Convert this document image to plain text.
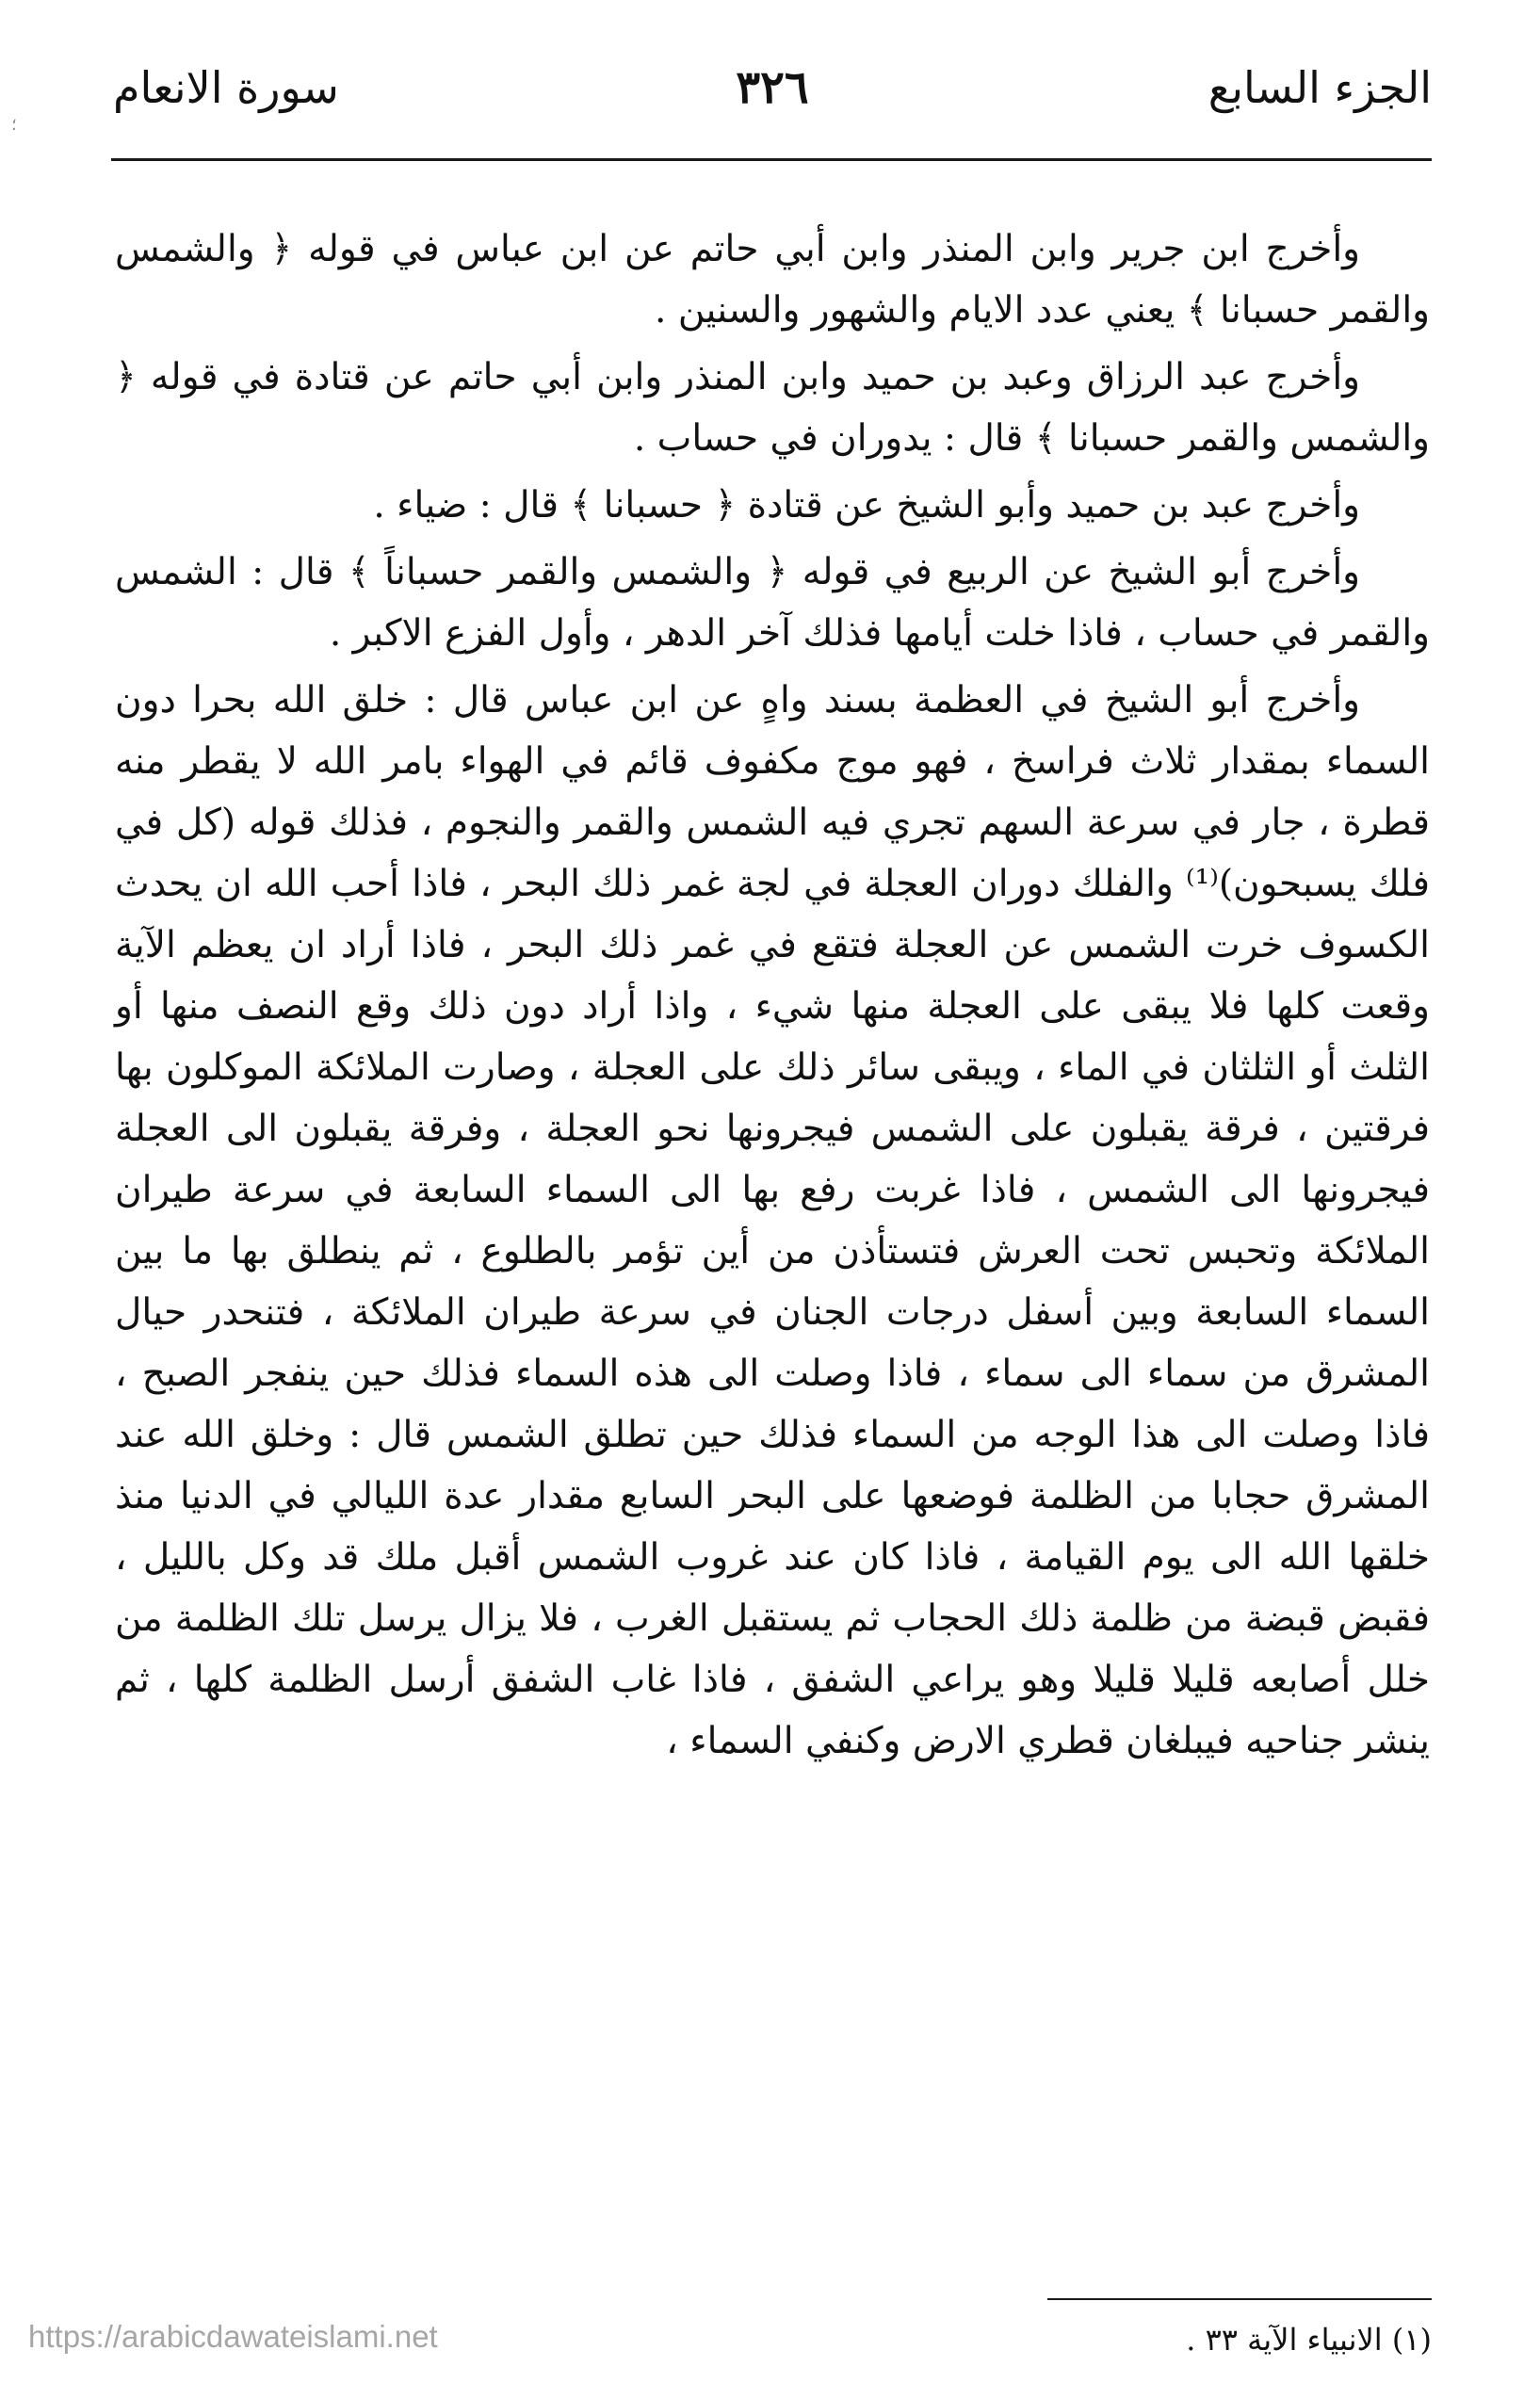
الجزء السابع
٣٢٦
سورة الانعام
؛

وأخرج ابن جرير وابن المنذر وابن أبي حاتم عن ابن عباس في قوله ﴿ والشمس والقمر حسبانا ﴾ يعني عدد الايام والشهور والسنين .

وأخرج عبد الرزاق وعبد بن حميد وابن المنذر وابن أبي حاتم عن قتادة في قوله ﴿ والشمس والقمر حسبانا ﴾ قال : يدوران في حساب .

وأخرج عبد بن حميد وأبو الشيخ عن قتادة ﴿ حسبانا ﴾ قال : ضياء .

وأخرج أبو الشيخ عن الربيع في قوله ﴿ والشمس والقمر حسباناً ﴾ قال : الشمس والقمر في حساب ، فاذا خلت أيامها فذلك آخر الدهر ، وأول الفزع الاكبر .

وأخرج أبو الشيخ في العظمة بسند واهٍ عن ابن عباس قال : خلق الله بحرا دون السماء بمقدار ثلاث فراسخ ، فهو موج مكفوف قائم في الهواء بامر الله لا يقطر منه قطرة ، جار في سرعة السهم تجري فيه الشمس والقمر والنجوم ، فذلك قوله (كل في فلك يسبحون)⁽¹⁾ والفلك دوران العجلة في لجة غمر ذلك البحر ، فاذا أحب الله ان يحدث الكسوف خرت الشمس عن العجلة فتقع في غمر ذلك البحر ، فاذا أراد ان يعظم الآية وقعت كلها فلا يبقى على العجلة منها شيء ، واذا أراد دون ذلك وقع النصف منها أو الثلث أو الثلثان في الماء ، ويبقى سائر ذلك على العجلة ، وصارت الملائكة الموكلون بها فرقتين ، فرقة يقبلون على الشمس فيجرونها نحو العجلة ، وفرقة يقبلون الى العجلة فيجرونها الى الشمس ، فاذا غربت رفع بها الى السماء السابعة في سرعة طيران الملائكة وتحبس تحت العرش فتستأذن من أين تؤمر بالطلوع ، ثم ينطلق بها ما بين السماء السابعة وبين أسفل درجات الجنان في سرعة طيران الملائكة ، فتنحدر حيال المشرق من سماء الى سماء ، فاذا وصلت الى هذه السماء فذلك حين ينفجر الصبح ، فاذا وصلت الى هذا الوجه من السماء فذلك حين تطلق الشمس قال : وخلق الله عند المشرق حجابا من الظلمة فوضعها على البحر السابع مقدار عدة الليالي في الدنيا منذ خلقها الله الى يوم القيامة ، فاذا كان عند غروب الشمس أقبل ملك قد وكل بالليل ، فقبض قبضة من ظلمة ذلك الحجاب ثم يستقبل الغرب ، فلا يزال يرسل تلك الظلمة من خلل أصابعه قليلا قليلا وهو يراعي الشفق ، فاذا غاب الشفق أرسل الظلمة كلها ، ثم ينشر جناحيه فيبلغان قطري الارض وكنفي السماء ،

(١) الانبياء الآية ٣٣ .
https://arabicdawateislami.net
